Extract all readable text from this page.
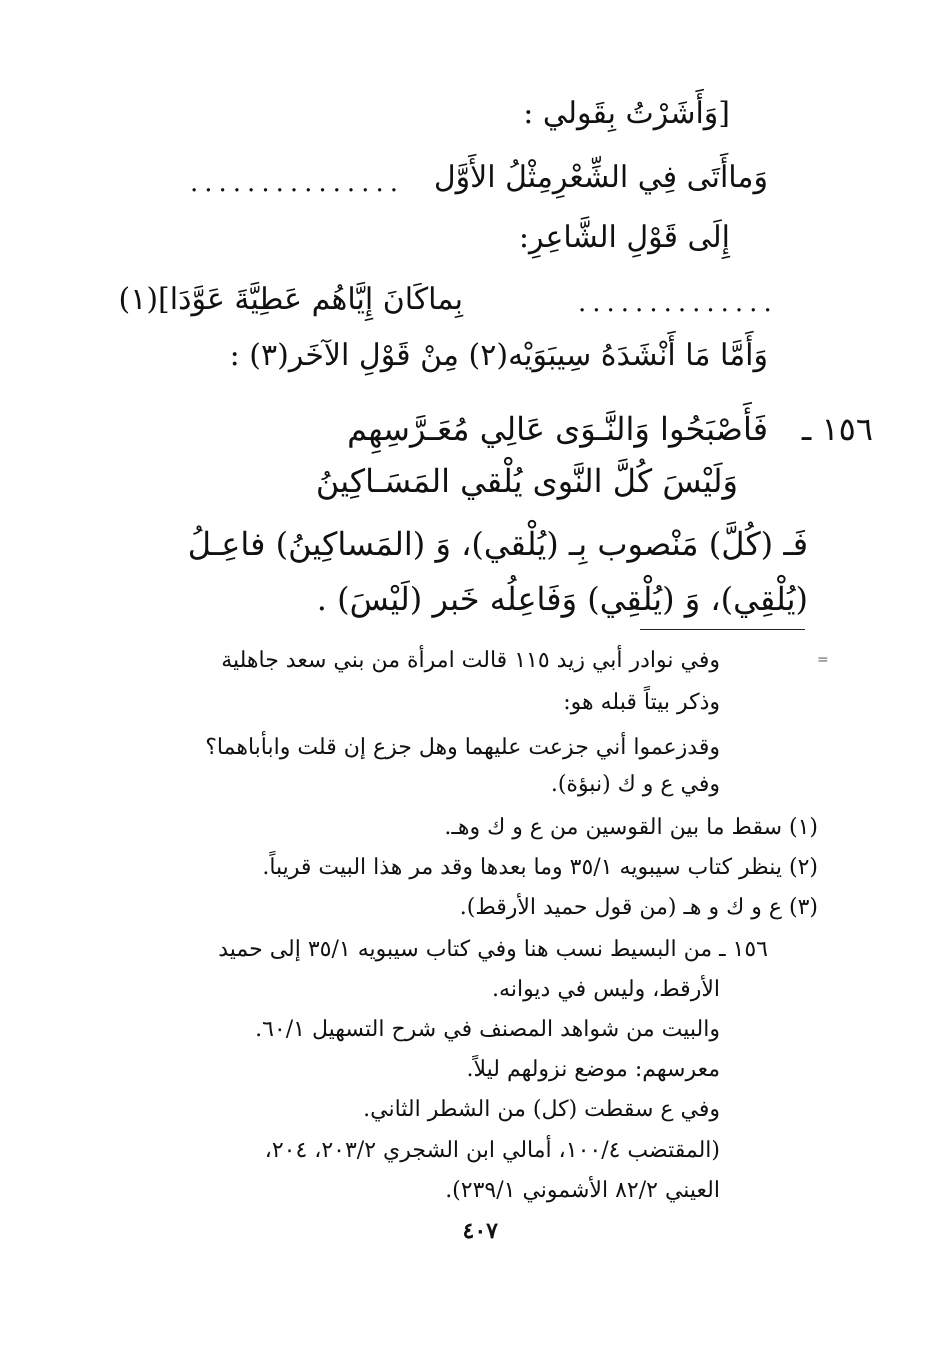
[وَأَشَرْتُ بِقَولي :
وَماأَتَى فِي الشِّعْرِمِثْلُ الأَوَّل
...............
إِلَى قَوْلِ الشَّاعِرِ:
بِماكَانَ إِيَّاهُم عَطِيَّةَ عَوَّدَا](١)	..............
وَأَمَّا مَا أَنْشَدَهُ سِيبَوَيْه(٢) مِنْ قَوْلِ الآخَر(٣) :
١٥٦ ـ
فَأَصْبَحُوا وَالنَّـوَى عَالِي مُعَـرَّسِهِم
وَلَيْسَ كُلَّ النَّوى يُلْقي المَسَـاكِينُ
فَـ (كُلَّ) مَنْصوب بِـ (يُلْقي)، وَ (المَساكِينُ) فاعِـلُ
(يُلْقِي)، وَ (يُلْقِي) وَفَاعِلُه خَبر (لَيْسَ) .
=
وفي نوادر أبي زيد ١١٥ قالت امرأة من بني سعد جاهلية
وذكر بيتاً قبله هو:
وقدزعموا أني جزعت عليهما وهل جزع إن قلت وابأباهما؟
وفي ع و ك (نبؤة).
(١) سقط ما بين القوسين من ع و ك وهـ.
(٢) ينظر كتاب سيبويه ٣٥/١ وما بعدها وقد مر هذا البيت قريباً.
(٣) ع و ك و هـ (من قول حميد الأرقط).
١٥٦ ـ من البسيط نسب هنا وفي كتاب سيبويه ٣٥/١ إلى حميد
الأرقط، وليس في ديوانه.
والبيت من شواهد المصنف في شرح التسهيل ٦٠/١.
معرسهم: موضع نزولهم ليلاً.
وفي ع سقطت (كل) من الشطر الثاني.
(المقتضب ١٠٠/٤، أمالي ابن الشجري ٢٠٣/٢، ٢٠٤،
العيني ٨٢/٢ الأشموني ٢٣٩/١).
٤٠٧
